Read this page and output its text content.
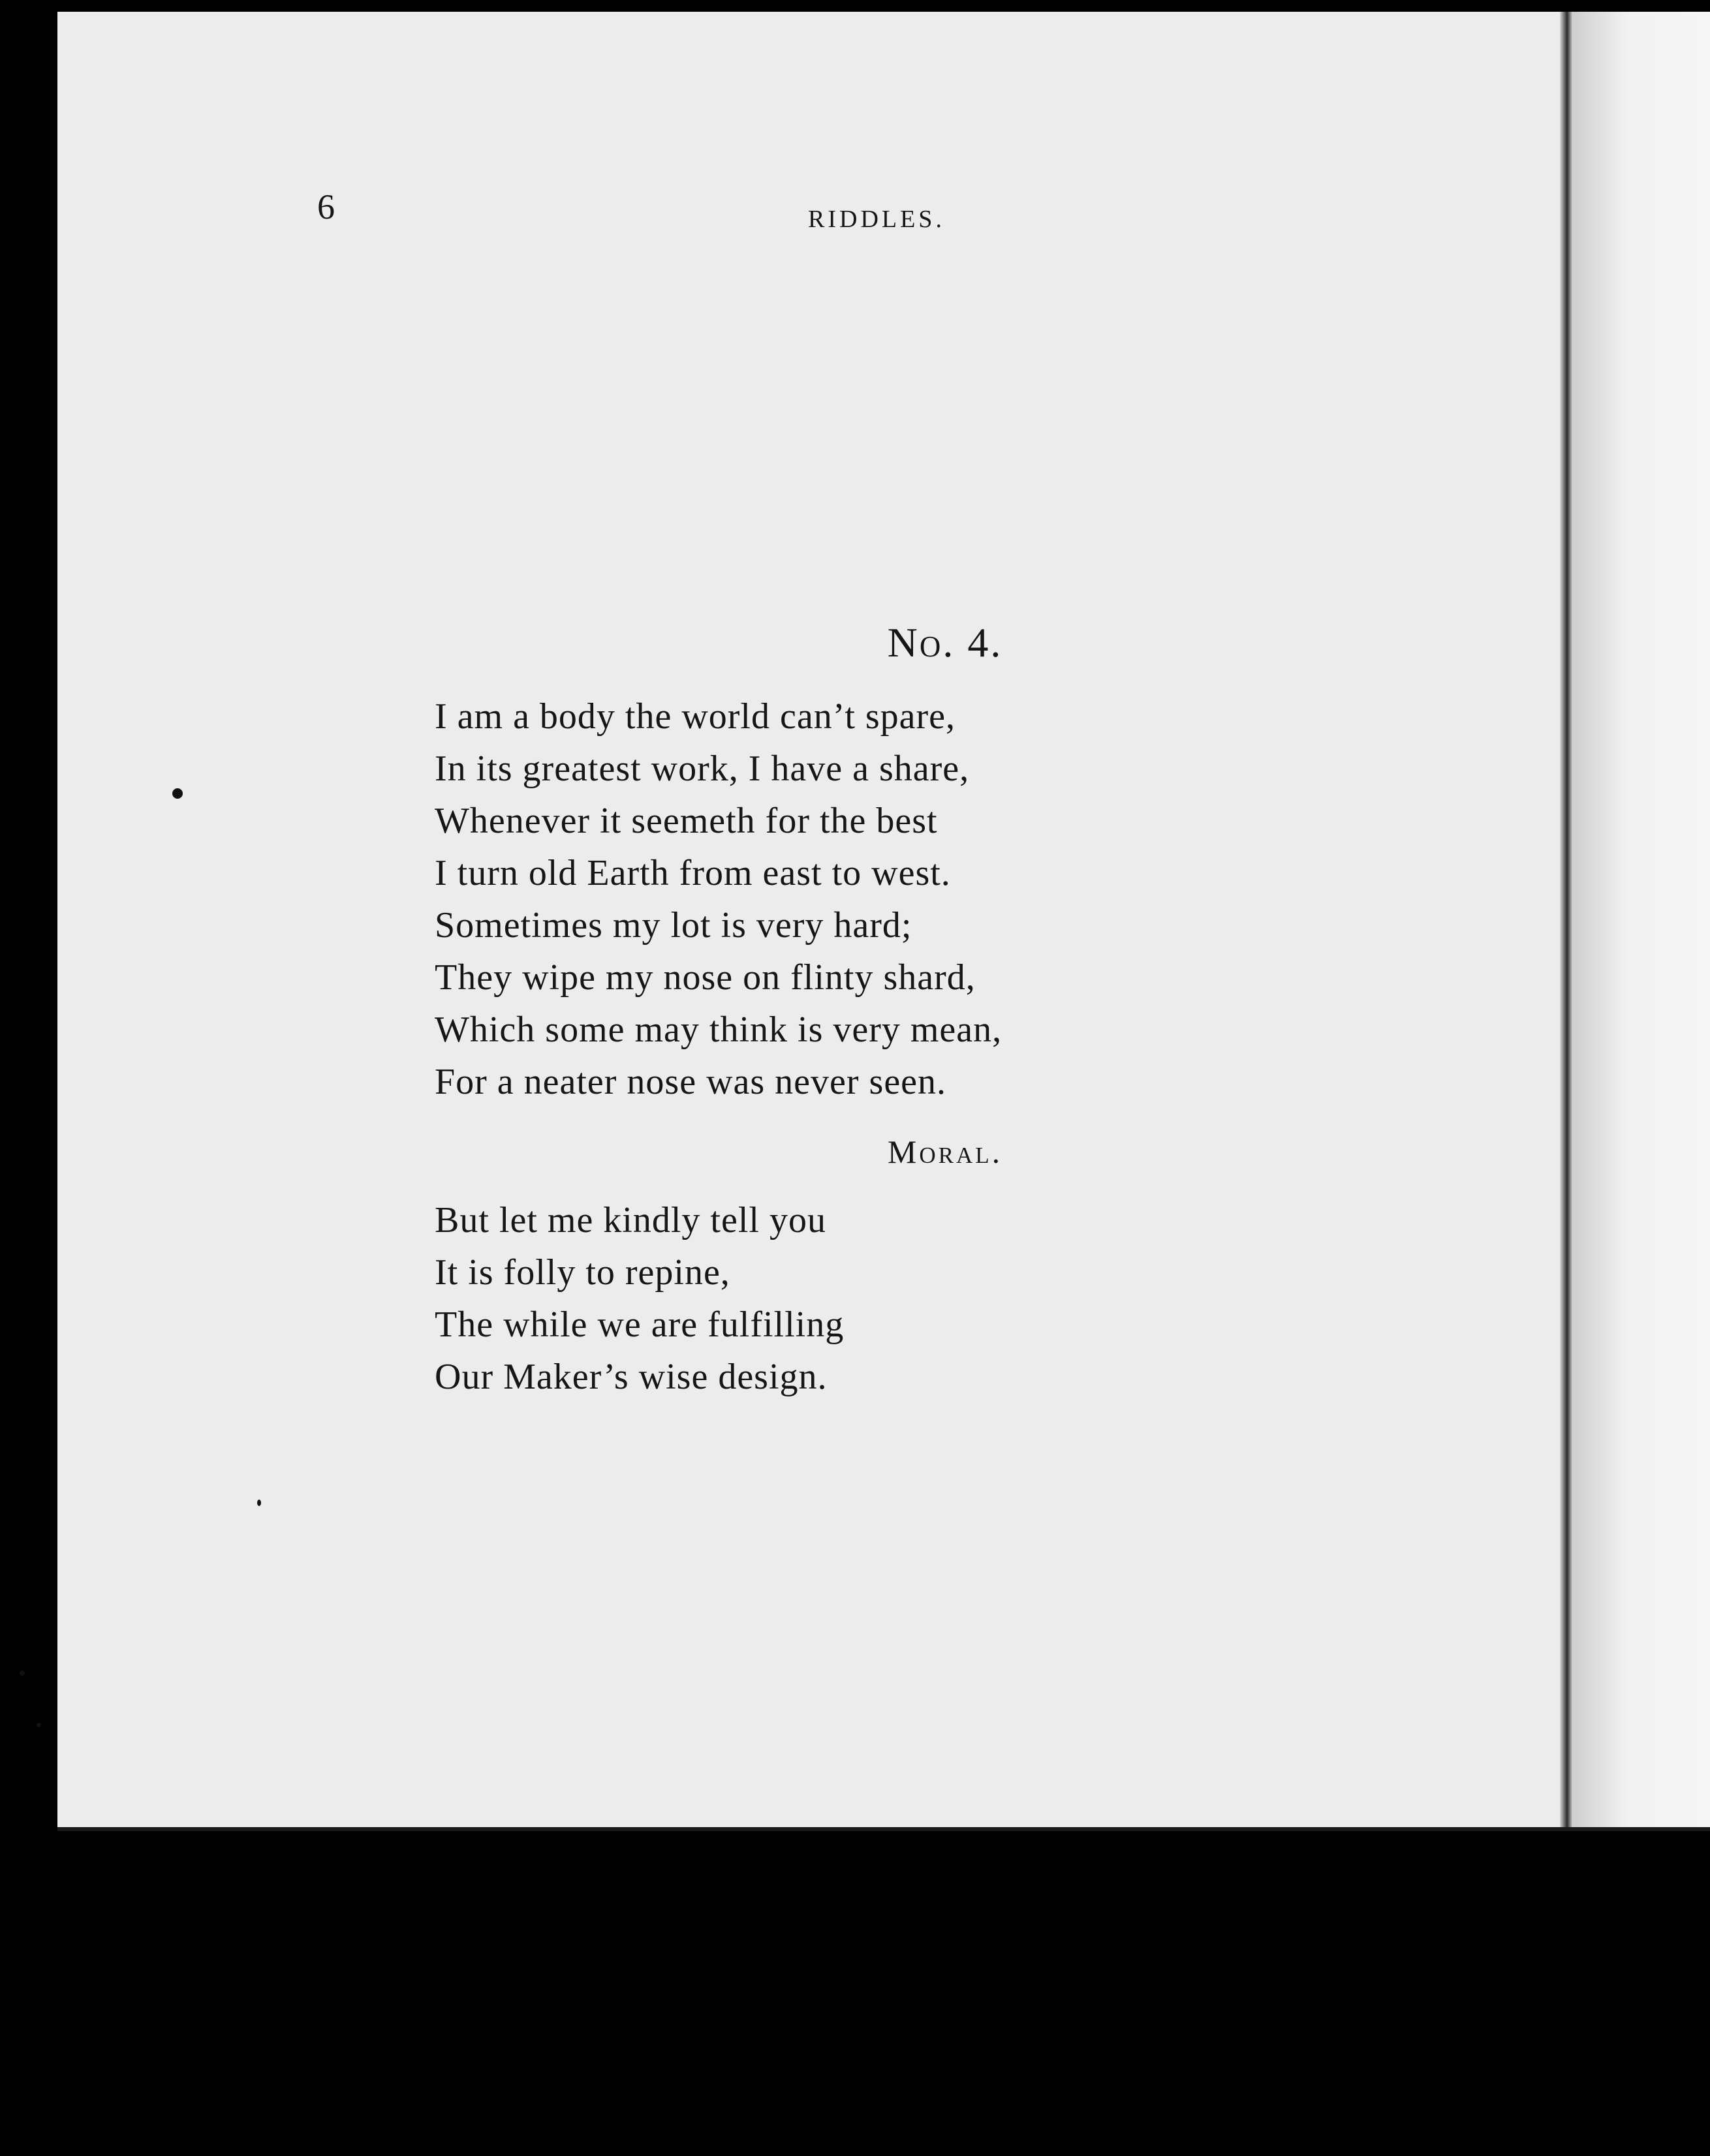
6	RIDDLES.
No. 4.
I am a body the world can’t spare,
In its greatest work, I have a share,
Whenever it seemeth for the best
I turn old Earth from east to west.
Sometimes my lot is very hard;
They wipe my nose on flinty shard,
Which some may think is very mean,
For a neater nose was never seen.
Moral.
But let me kindly tell you
It is folly to repine,
The while we are fulfilling
Our Maker’s wise design.
